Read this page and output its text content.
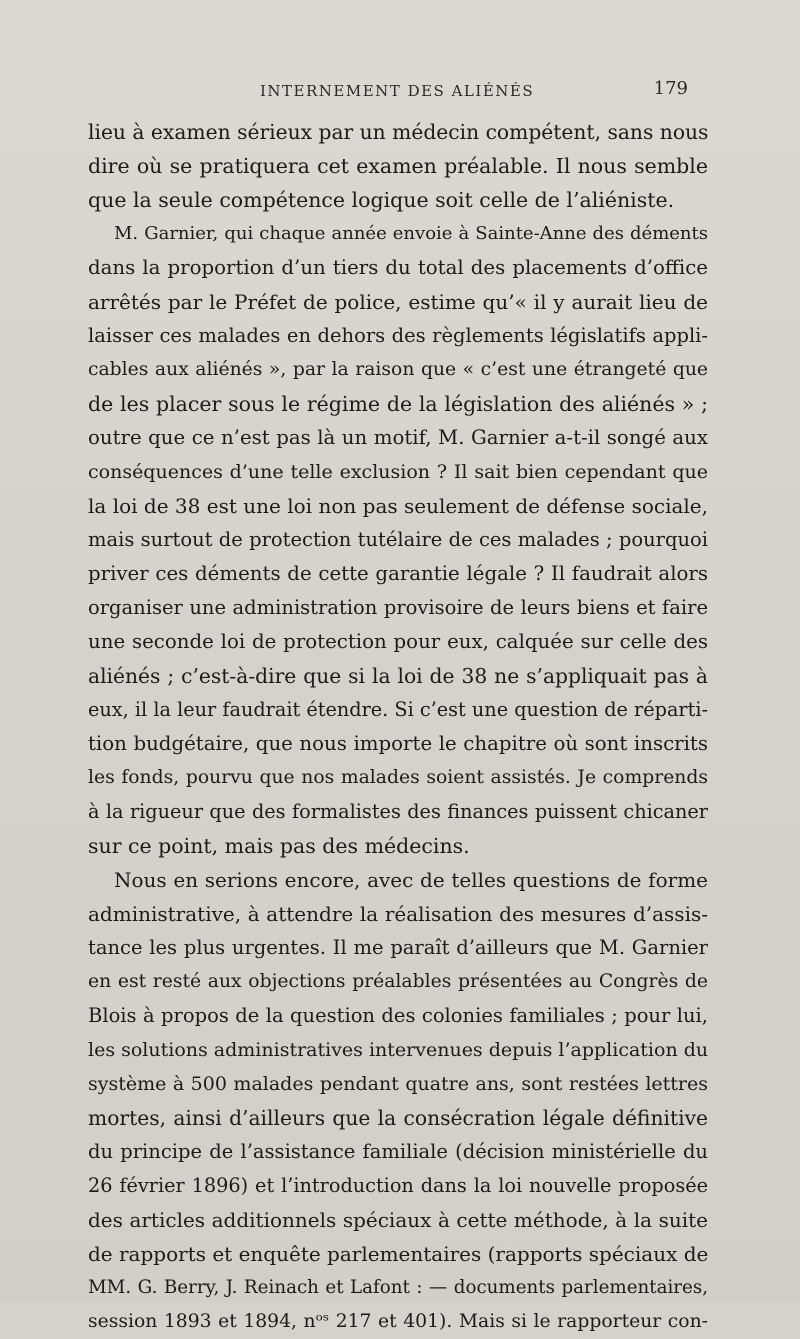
INTERNEMENT DES ALIÉNÉS	179
lieu à examen sérieux par un médecin compétent, sans nous
dire où se pratiquera cet examen préalable. Il nous semble
que la seule compétence logique soit celle de l’aliéniste.
M. Garnier, qui chaque année envoie à Sainte-Anne des déments
dans la proportion d’un tiers du total des placements d’office
arrêtés par le Préfet de police, estime qu’« il y aurait lieu de
laisser ces malades en dehors des règlements législatifs appli-
cables aux aliénés », par la raison que « c’est une étrangeté que
de les placer sous le régime de la législation des aliénés » ;
outre que ce n’est pas là un motif, M. Garnier a-t-il songé aux
conséquences d’une telle exclusion ? Il sait bien cependant que
la loi de 38 est une loi non pas seulement de défense sociale,
mais surtout de protection tutélaire de ces malades ; pourquoi
priver ces déments de cette garantie légale ? Il faudrait alors
organiser une administration provisoire de leurs biens et faire
une seconde loi de protection pour eux, calquée sur celle des
aliénés ; c’est-à-dire que si la loi de 38 ne s’appliquait pas à
eux, il la leur faudrait étendre. Si c’est une question de réparti-
tion budgétaire, que nous importe le chapitre où sont inscrits
les fonds, pourvu que nos malades soient assistés. Je comprends
à la rigueur que des formalistes des finances puissent chicaner
sur ce point, mais pas des médecins.
Nous en serions encore, avec de telles questions de forme
administrative, à attendre la réalisation des mesures d’assis-
tance les plus urgentes. Il me paraît d’ailleurs que M. Garnier
en est resté aux objections préalables présentées au Congrès de
Blois à propos de la question des colonies familiales ; pour lui,
les solutions administratives intervenues depuis l’application du
système à 500 malades pendant quatre ans, sont restées lettres
mortes, ainsi d’ailleurs que la consécration légale définitive
du principe de l’assistance familiale (décision ministérielle du
26 février 1896) et l’introduction dans la loi nouvelle proposée
des articles additionnels spéciaux à cette méthode, à la suite
de rapports et enquête parlementaires (rapports spéciaux de
MM. G. Berry, J. Reinach et Lafont : — documents parlementaires,
session 1893 et 1894, nᵒˢ 217 et 401). Mais si le rapporteur con-
